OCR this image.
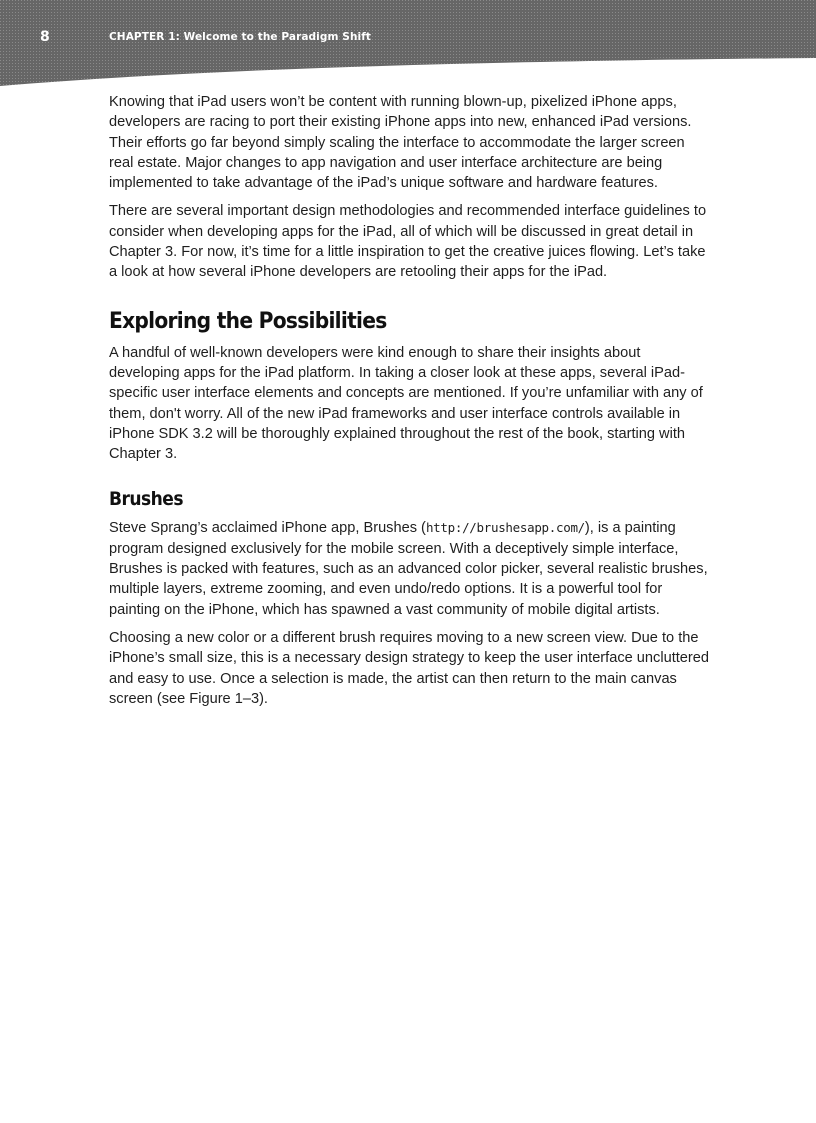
8	CHAPTER 1: Welcome to the Paradigm Shift

Knowing that iPad users won’t be content with running blown-up, pixelized iPhone apps, developers are racing to port their existing iPhone apps into new, enhanced iPad versions. Their efforts go far beyond simply scaling the interface to accommodate the larger screen real estate. Major changes to app navigation and user interface architecture are being implemented to take advantage of the iPad’s unique software and hardware features.

There are several important design methodologies and recommended interface guidelines to consider when developing apps for the iPad, all of which will be discussed in great detail in Chapter 3. For now, it’s time for a little inspiration to get the creative juices flowing. Let’s take a look at how several iPhone developers are retooling their apps for the iPad.

Exploring the Possibilities

A handful of well-known developers were kind enough to share their insights about developing apps for the iPad platform. In taking a closer look at these apps, several iPad-specific user interface elements and concepts are mentioned. If you’re unfamiliar with any of them, don't worry. All of the new iPad frameworks and user interface controls available in iPhone SDK 3.2 will be thoroughly explained throughout the rest of the book, starting with Chapter 3.

Brushes

Steve Sprang’s acclaimed iPhone app, Brushes (http://brushesapp.com/), is a painting program designed exclusively for the mobile screen. With a deceptively simple interface, Brushes is packed with features, such as an advanced color picker, several realistic brushes, multiple layers, extreme zooming, and even undo/redo options. It is a powerful tool for painting on the iPhone, which has spawned a vast community of mobile digital artists.

Choosing a new color or a different brush requires moving to a new screen view. Due to the iPhone’s small size, this is a necessary design strategy to keep the user interface uncluttered and easy to use. Once a selection is made, the artist can then return to the main canvas screen (see Figure 1–3).
